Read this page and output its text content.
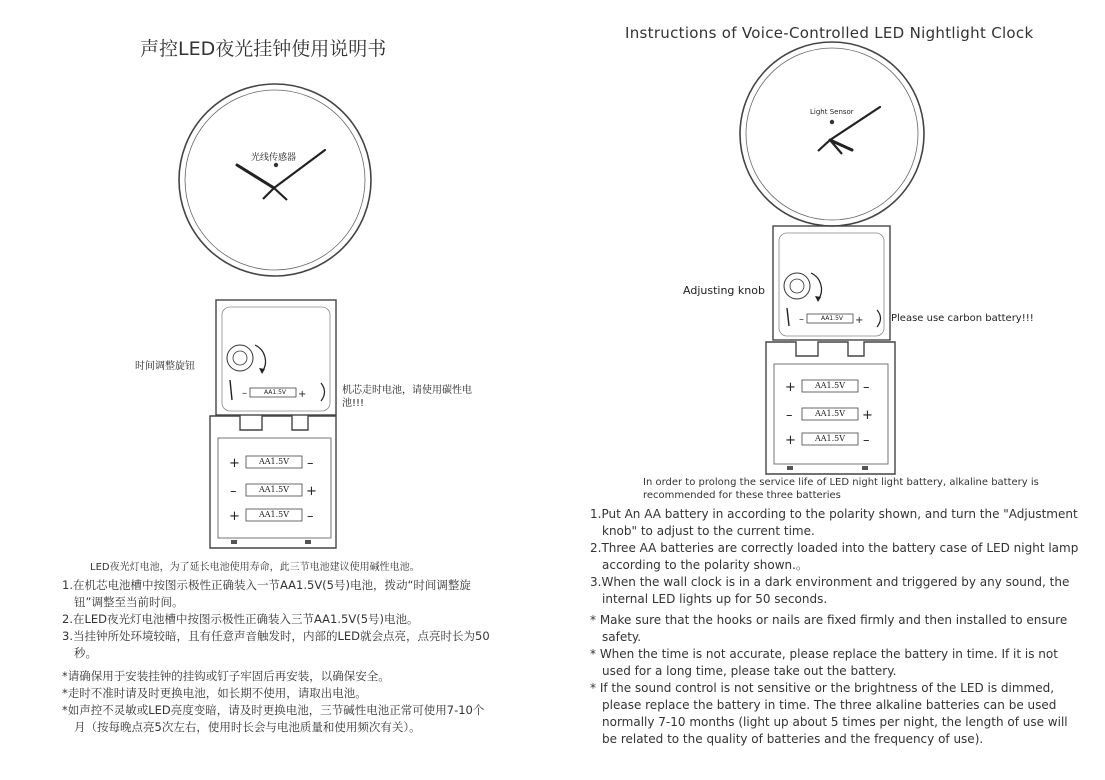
声控LED夜光挂钟使用说明书
–	+
+	–
–	+
+	–
–	+
+	–
–	+
+	–
光线传感器
时间调整旋钮
机芯走时电池，请使用碳性电池!!!
AA1.5V
AA1.5V
AA1.5V
AA1.5V
LED夜光灯电池，为了延长电池使用寿命，此三节电池建议使用碱性电池。
1.在机芯电池槽中按图示极性正确装入一节AA1.5V(5号)电池，拨动“时间调整旋钮”调整至当前时间。
2.在LED夜光灯电池槽中按图示极性正确装入三节AA1.5V(5号)电池。
3.当挂钟所处环境较暗，且有任意声音触发时，内部的LED就会点亮，点亮时长为50秒。
*请确保用于安装挂钟的挂钩或钉子牢固后再安装，以确保安全。
*走时不准时请及时更换电池，如长期不使用，请取出电池。
*如声控不灵敏或LED亮度变暗，请及时更换电池，三节碱性电池正常可使用7-10个月（按每晚点亮5次左右，使用时长会与电池质量和使用频次有关）。
Instructions of Voice-Controlled LED Nightlight Clock
Light Sensor
Adjusting knob
Please use carbon battery!!!
AA1.5V
AA1.5V
AA1.5V
AA1.5V
In order to prolong the service life of LED night light battery, alkaline battery is recommended for these three batteries
1.Put An AA battery in according to the polarity shown, and turn the "Adjustment knob" to adjust to the current time.
2.Three AA batteries are correctly loaded into the battery case of LED night lamp according to the polarity shown.。
3.When the wall clock is in a dark environment and triggered by any sound, the internal LED lights up for 50 seconds.
* Make sure that the hooks or nails are fixed firmly and then installed to ensure safety.
* When the time is not accurate, please replace the battery in time. If it is not used for a long time, please take out the battery.
* If the sound control is not sensitive or the brightness of the LED is dimmed, please replace the battery in time. The three alkaline batteries can be used normally 7-10 months (light up about 5 times per night, the length of use will be related to the quality of batteries and the frequency of use).
